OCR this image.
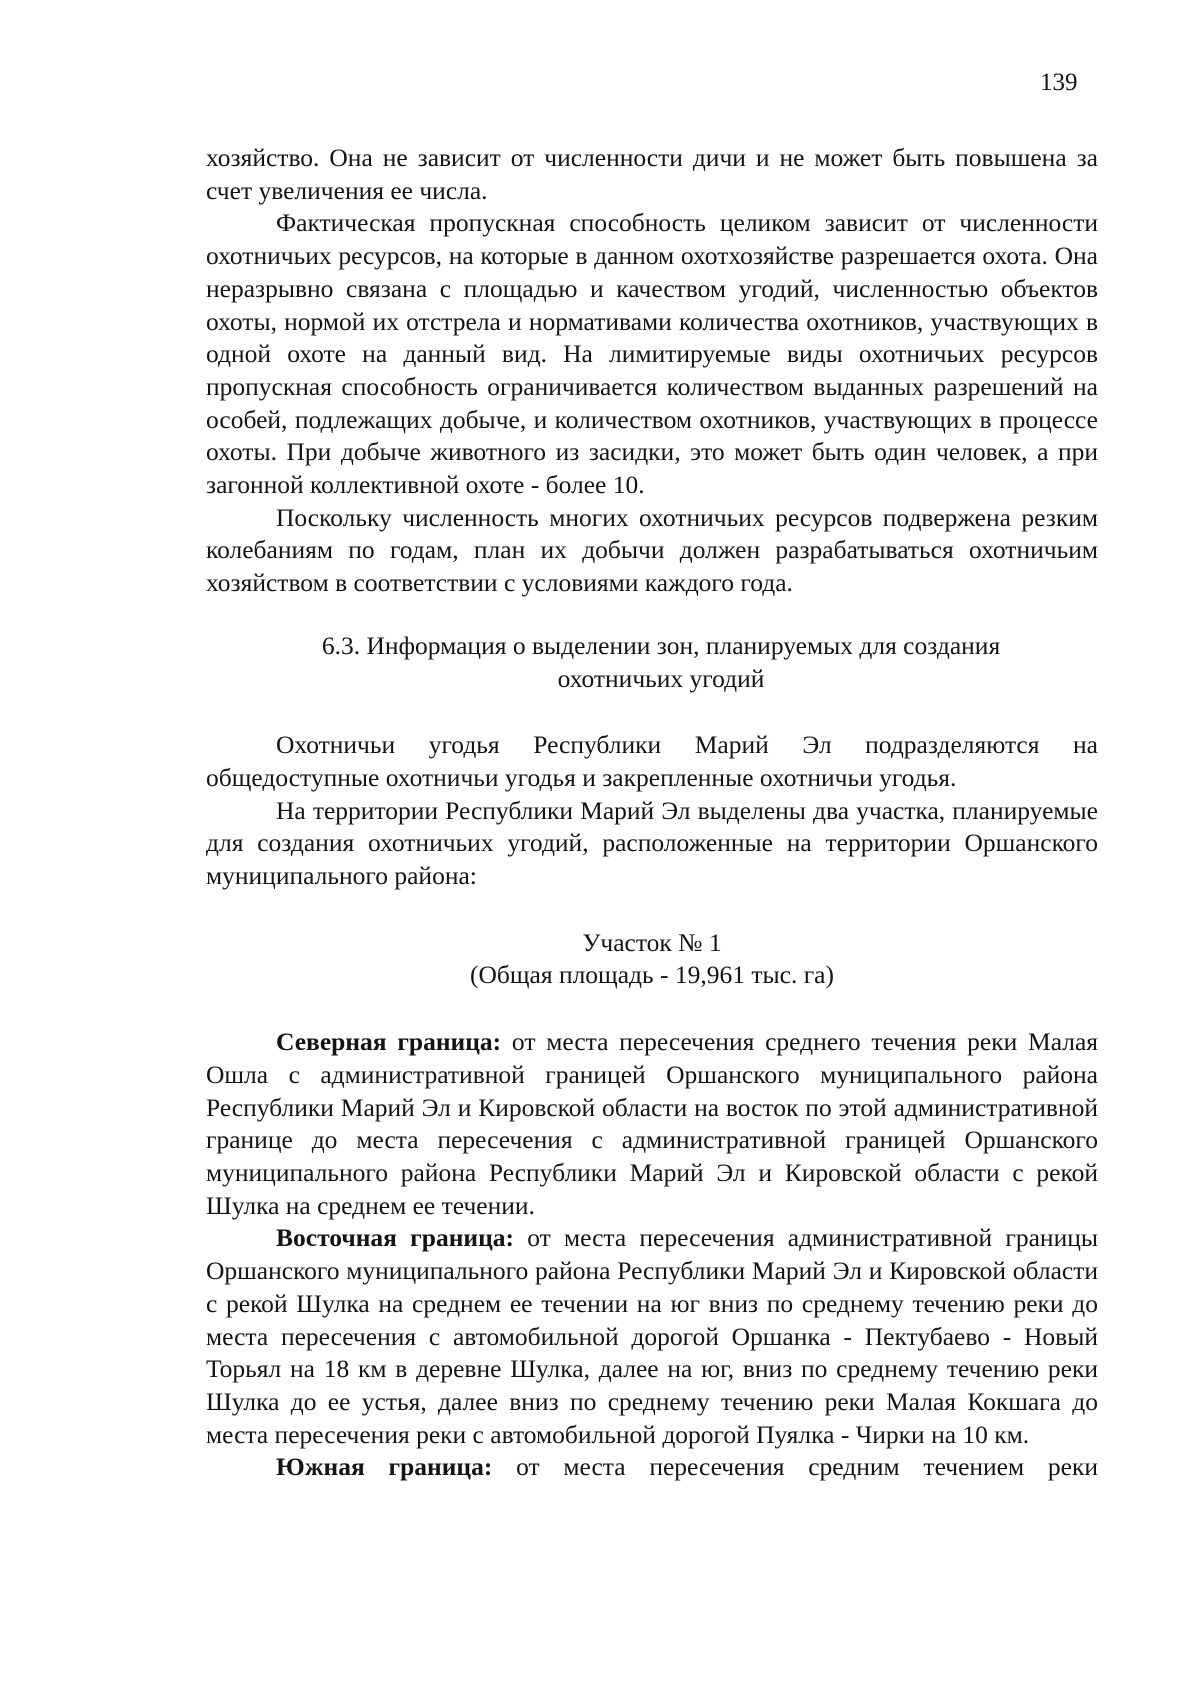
139

хозяйство. Она не зависит от численности дичи и не может быть повышена за счет увеличения ее числа.

Фактическая пропускная способность целиком зависит от численности охотничьих ресурсов, на которые в данном охотхозяйстве разрешается охота. Она неразрывно связана с площадью и качеством угодий, численностью объектов охоты, нормой их отстрела и нормативами количества охотников, участвующих в одной охоте на данный вид. На лимитируемые виды охотничьих ресурсов пропускная способность ограничивается количеством выданных разрешений на особей, подлежащих добыче, и количеством охотников, участвующих в процессе охоты. При добыче животного из засидки, это может быть один человек, а при загонной коллективной охоте - более 10.

Поскольку численность многих охотничьих ресурсов подвержена резким колебаниям по годам, план их добычи должен разрабатываться охотничьим хозяйством в соответствии с условиями каждого года.

6.3. Информация о выделении зон, планируемых для создания
охотничьих угодий

Охотничьи угодья Республики Марий Эл подразделяются на общедоступные охотничьи угодья и закрепленные охотничьи угодья.

На территории Республики Марий Эл выделены два участка, планируемые для создания охотничьих угодий, расположенные на территории Оршанского муниципального района:

Участок № 1
(Общая площадь - 19,961 тыс. га)

Северная граница: от места пересечения среднего течения реки Малая Ошла с административной границей Оршанского муниципального района Республики Марий Эл и Кировской области на восток по этой административной границе до места пересечения с административной границей Оршанского муниципального района Республики Марий Эл и Кировской области с рекой Шулка на среднем ее течении.

Восточная граница: от места пересечения административной границы Оршанского муниципального района Республики Марий Эл и Кировской области с рекой Шулка на среднем ее течении на юг вниз по среднему течению реки до места пересечения с автомобильной дорогой Оршанка - Пектубаево - Новый Торьял на 18 км в деревне Шулка, далее на юг, вниз по среднему течению реки Шулка до ее устья, далее вниз по среднему течению реки Малая Кокшага до места пересечения реки с автомобильной дорогой Пуялка - Чирки на 10 км.

Южная граница: от места пересечения средним течением реки
